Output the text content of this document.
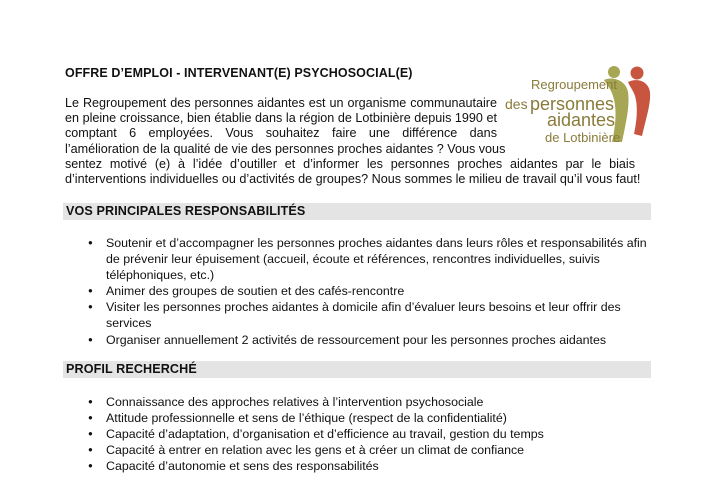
OFFRE D’EMPLOI - INTERVENANT(E) PSYCHOSOCIAL(E)
Regroupement
des personnes
aidantes
de Lotbinière
Le Regroupement des personnes aidantes est un organisme communautaire
en pleine croissance, bien établie dans la région de Lotbinière depuis 1990 et
comptant 6 employées. Vous souhaitez faire une différence dans
l’amélioration de la qualité de vie des personnes proches aidantes ? Vous vous
sentez motivé (e) à l’idée d’outiller et d’informer les personnes proches aidantes par le biais
d’interventions individuelles ou d’activités de groupes? Nous sommes le milieu de travail qu’il vous faut!
VOS PRINCIPALES RESPONSABILITÉS
● Soutenir et d’accompagner les personnes proches aidantes dans leurs rôles et responsabilités afin de prévenir leur épuisement (accueil, écoute et références, rencontres individuelles, suivis téléphoniques, etc.)
● Animer des groupes de soutien et des cafés-rencontre
● Visiter les personnes proches aidantes à domicile afin d’évaluer leurs besoins et leur offrir des services
● Organiser annuellement 2 activités de ressourcement pour les personnes proches aidantes
PROFIL RECHERCHÉ
● Connaissance des approches relatives à l’intervention psychosociale
● Attitude professionnelle et sens de l’éthique (respect de la confidentialité)
● Capacité d’adaptation, d’organisation et d’efficience au travail, gestion du temps
● Capacité à entrer en relation avec les gens et à créer un climat de confiance
● Capacité d’autonomie et sens des responsabilités
